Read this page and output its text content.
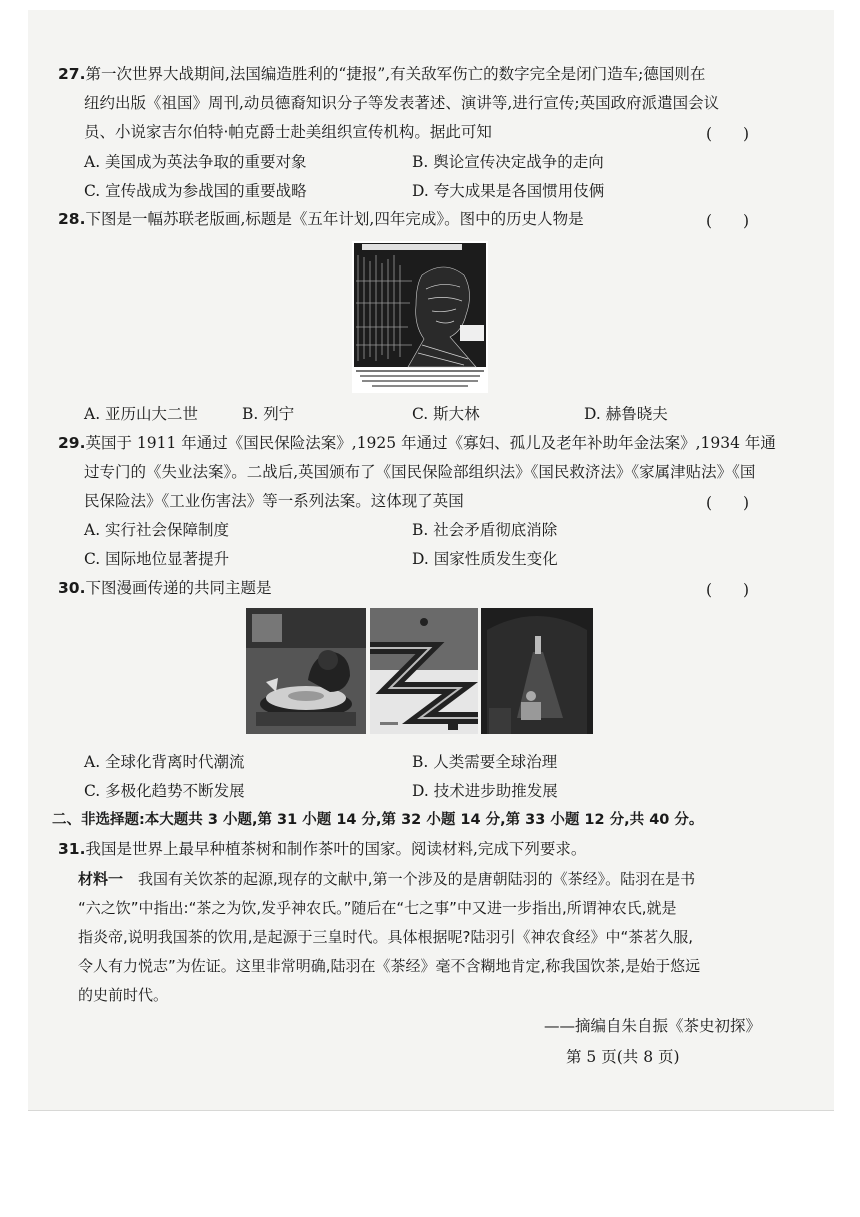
27.第一次世界大战期间,法国编造胜利的“捷报”,有关敌军伤亡的数字完全是闭门造车;德国则在
纽约出版《祖国》周刊,动员德裔知识分子等发表著述、演讲等,进行宣传;英国政府派遣国会议
员、小说家吉尔伯特·帕克爵士赴美组织宣传机构。据此可知	(　　)
A. 美国成为英法争取的重要对象	B. 舆论宣传决定战争的走向
C. 宣传战成为参战国的重要战略	D. 夸大成果是各国惯用伎俩
28.下图是一幅苏联老版画,标题是《五年计划,四年完成》。图中的历史人物是	(　　)
A. 亚历山大二世	B. 列宁	C. 斯大林	D. 赫鲁晓夫
29.英国于 1911 年通过《国民保险法案》,1925 年通过《寡妇、孤儿及老年补助年金法案》,1934 年通
过专门的《失业法案》。二战后,英国颁布了《国民保险部组织法》《国民救济法》《家属津贴法》《国
民保险法》《工业伤害法》等一系列法案。这体现了英国	(　　)
A. 实行社会保障制度	B. 社会矛盾彻底消除
C. 国际地位显著提升	D. 国家性质发生变化
30.下图漫画传递的共同主题是	(　　)
A. 全球化背离时代潮流	B. 人类需要全球治理
C. 多极化趋势不断发展	D. 技术进步助推发展
二、非选择题:本大题共 3 小题,第 31 小题 14 分,第 32 小题 14 分,第 33 小题 12 分,共 40 分。
31.我国是世界上最早种植茶树和制作茶叶的国家。阅读材料,完成下列要求。
材料一　 我国有关饮茶的起源,现存的文献中,第一个涉及的是唐朝陆羽的《茶经》。陆羽在是书
“六之饮”中指出:“茶之为饮,发乎神农氏。”随后在“七之事”中又进一步指出,所谓神农氏,就是
指炎帝,说明我国茶的饮用,是起源于三皇时代。具体根据呢?陆羽引《神农食经》中“茶茗久服,
令人有力悦志”为佐证。这里非常明确,陆羽在《茶经》毫不含糊地肯定,称我国饮茶,是始于悠远
的史前时代。
——摘编自朱自振《茶史初探》
第 5 页(共 8 页)
